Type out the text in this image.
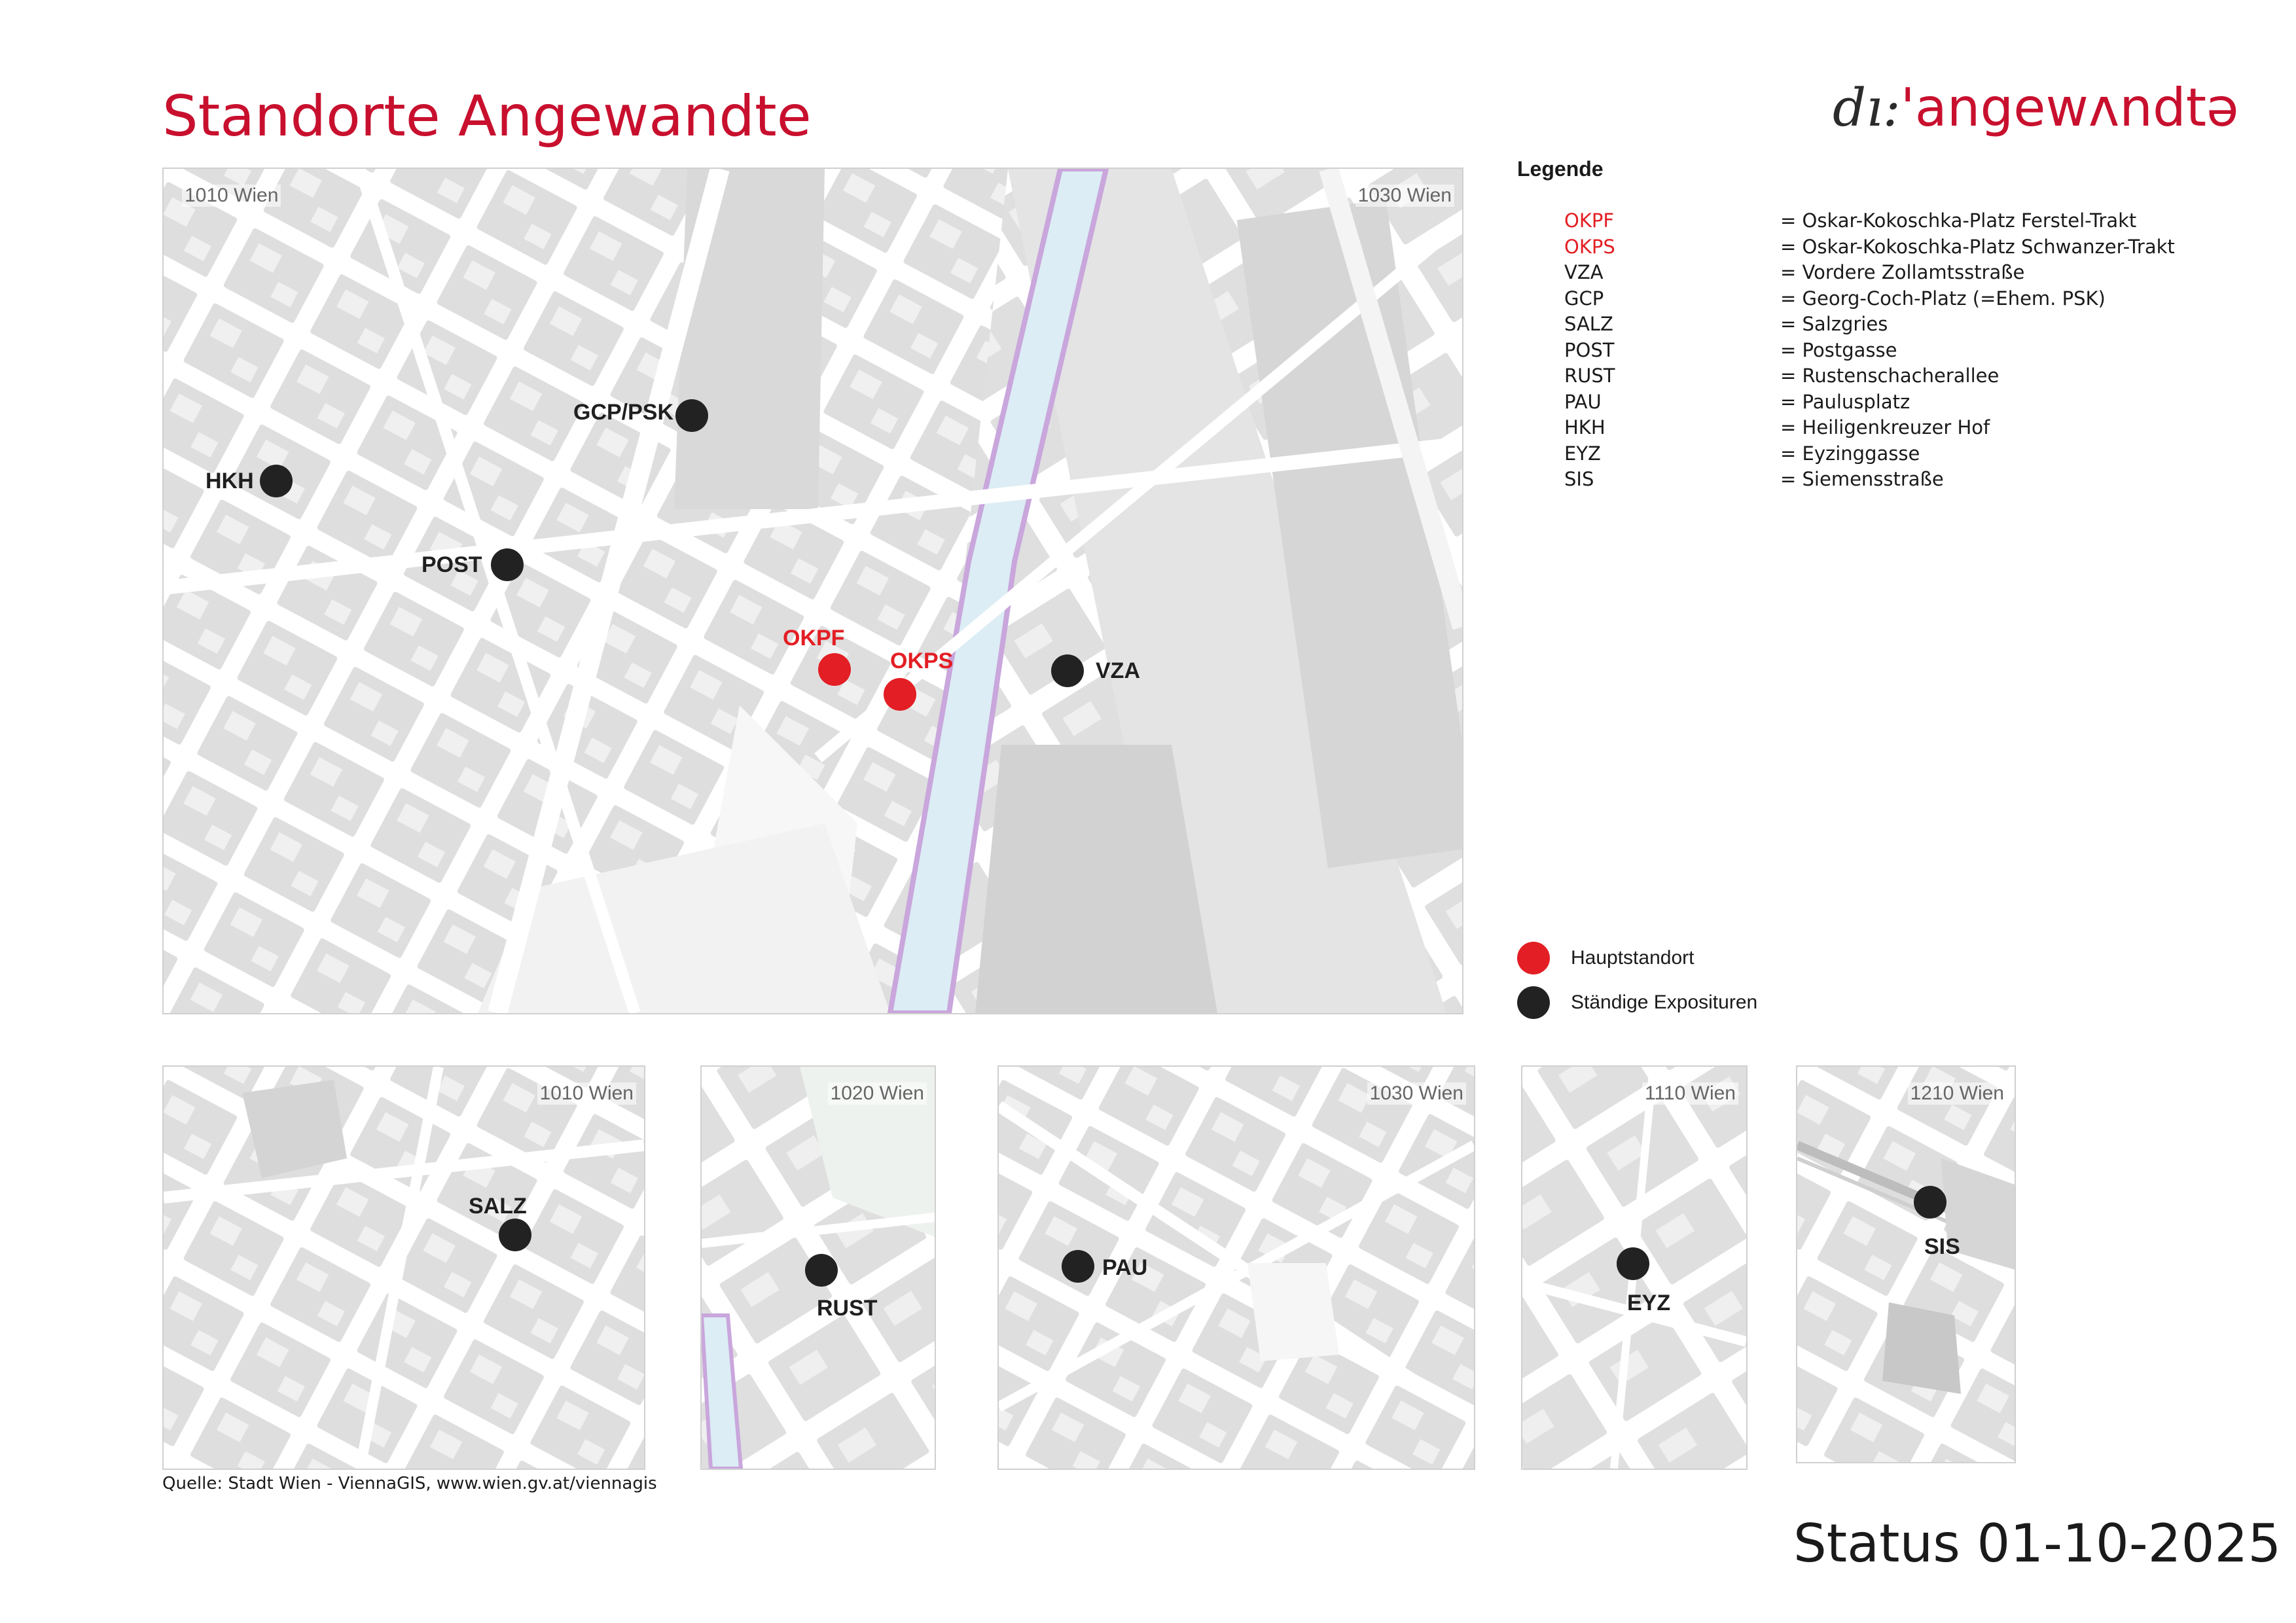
Standorte Angewandte	dı:'angewʌndtə
1010 Wien	1030 Wien
GCP/PSK
HKH
POST
OKPF
OKPS	VZA
Legende
OKPF	= Oskar-Kokoschka-Platz Ferstel-Trakt
OKPS	= Oskar-Kokoschka-Platz Schwanzer-Trakt
VZA	= Vordere Zollamtsstraße
GCP	= Georg-Coch-Platz (=Ehem. PSK)
SALZ	= Salzgries
POST	= Postgasse
RUST	= Rustenschacherallee
PAU	= Paulusplatz
HKH	= Heiligenkreuzer Hof
EYZ	= Eyzinggasse
SIS	= Siemensstraße
Hauptstandort
Ständige Exposituren
1010 Wien
SALZ
1020 Wien
RUST
1030 Wien
PAU
1110 Wien
EYZ
1210 Wien
SIS
Quelle: Stadt Wien - ViennaGIS, www.wien.gv.at/viennagis
Status 01-10-2025
